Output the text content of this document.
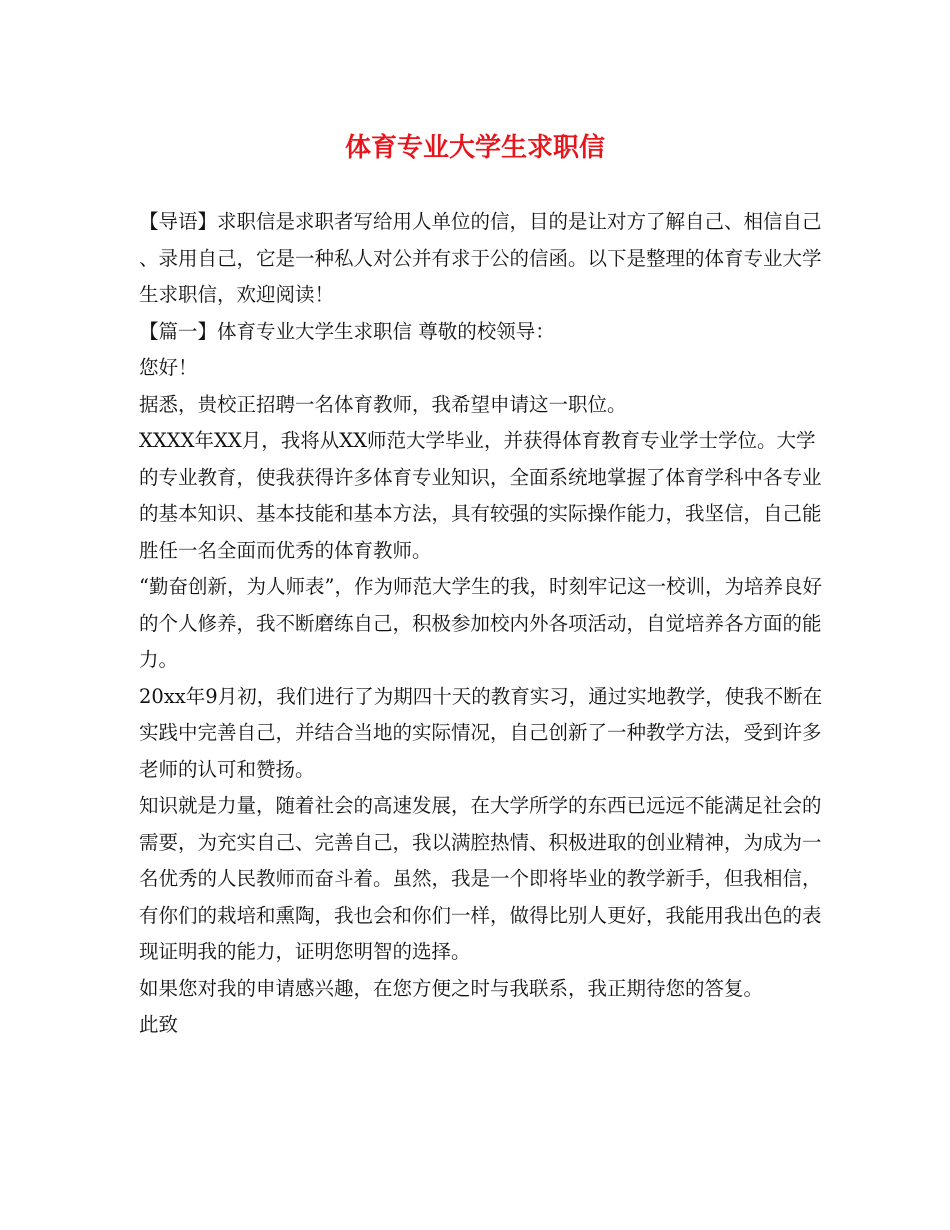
体育专业大学生求职信

【导语】求职信是求职者写给用人单位的信，目的是让对方了解自己、相信自己、录用自己，它是一种私人对公并有求于公的信函。以下是整理的体育专业大学生求职信，欢迎阅读！

【篇一】体育专业大学生求职信 尊敬的校领导：

您好！

据悉，贵校正招聘一名体育教师，我希望申请这一职位。

XXXX年XX月，我将从XX师范大学毕业，并获得体育教育专业学士学位。大学的专业教育，使我获得许多体育专业知识，全面系统地掌握了体育学科中各专业的基本知识、基本技能和基本方法，具有较强的实际操作能力，我坚信，自己能胜任一名全面而优秀的体育教师。

“勤奋创新，为人师表”，作为师范大学生的我，时刻牢记这一校训，为培养良好的个人修养，我不断磨练自己，积极参加校内外各项活动，自觉培养各方面的能力。

20xx年9月初，我们进行了为期四十天的教育实习，通过实地教学，使我不断在实践中完善自己，并结合当地的实际情况，自己创新了一种教学方法，受到许多老师的认可和赞扬。

知识就是力量，随着社会的高速发展，在大学所学的东西已远远不能满足社会的需要，为充实自己、完善自己，我以满腔热情、积极进取的创业精神，为成为一名优秀的人民教师而奋斗着。虽然，我是一个即将毕业的教学新手，但我相信，有你们的栽培和熏陶，我也会和你们一样，做得比别人更好，我能用我出色的表现证明我的能力，证明您明智的选择。

如果您对我的申请感兴趣，在您方便之时与我联系，我正期待您的答复。

此致
